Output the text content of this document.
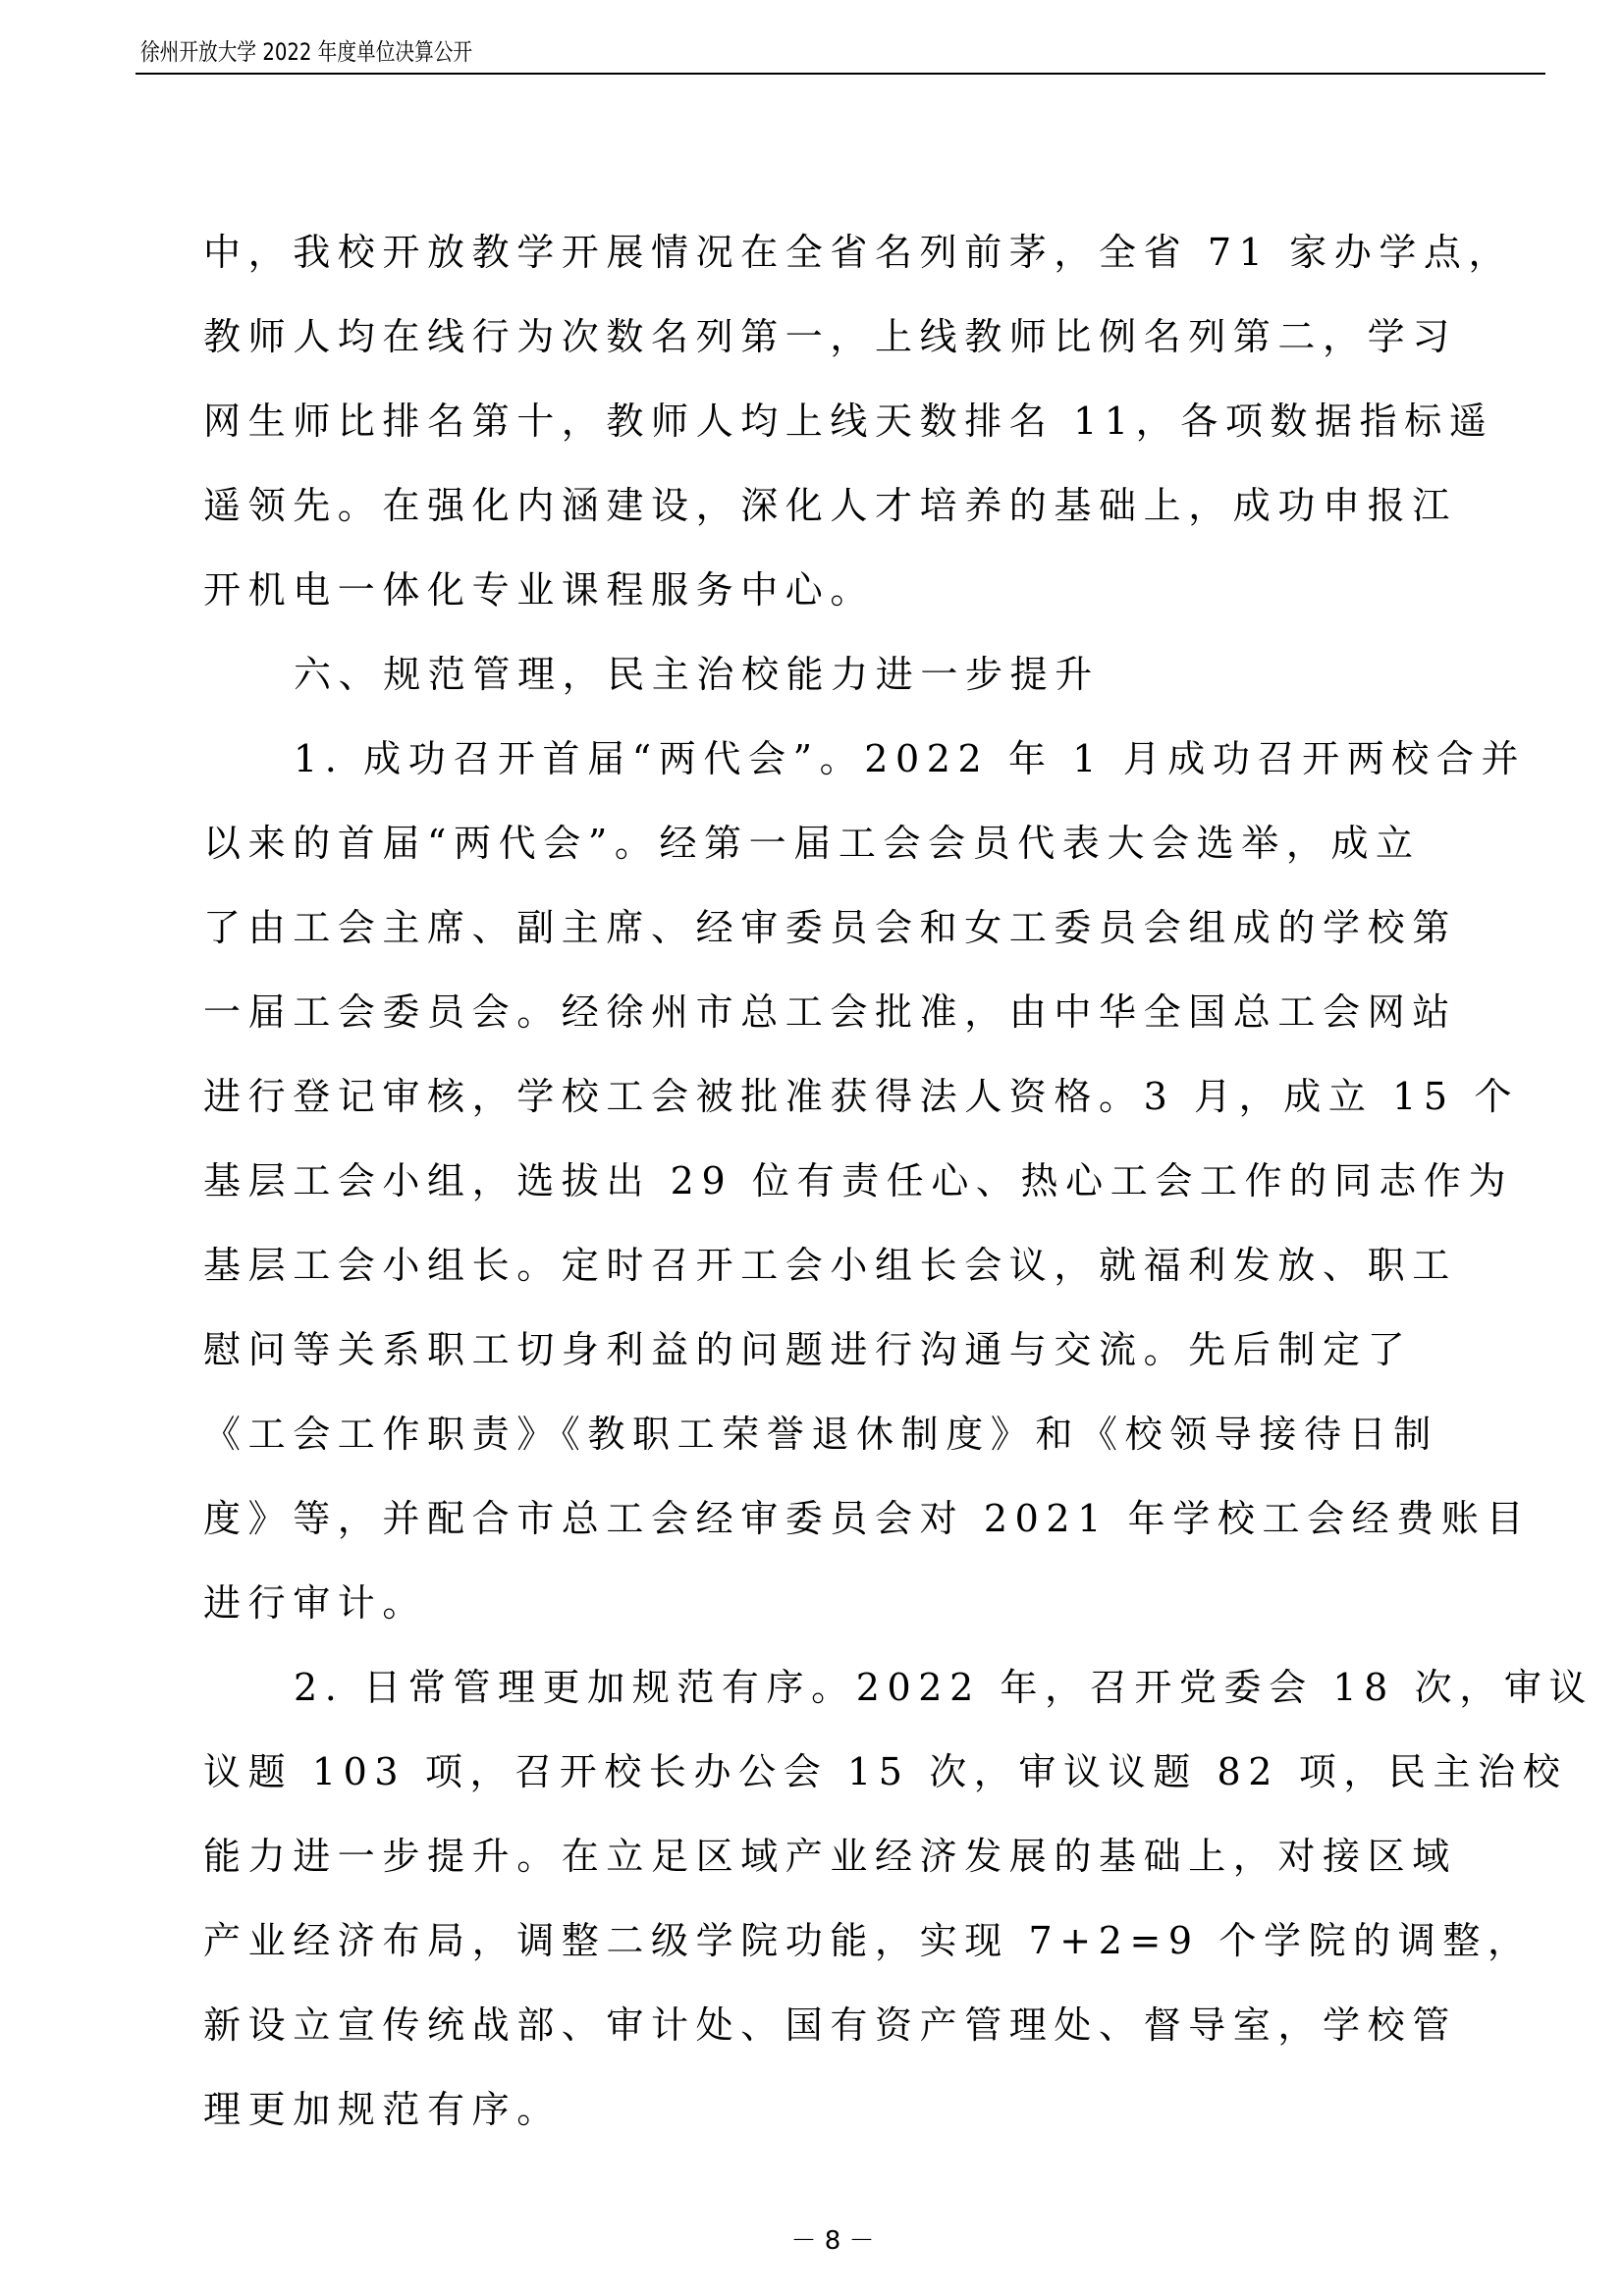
徐州开放大学 2022 年度单位决算公开
中，我校开放教学开展情况在全省名列前茅，全省 71 家办学点，
教师人均在线行为次数名列第一，上线教师比例名列第二，学习
网生师比排名第十，教师人均上线天数排名 11，各项数据指标遥
遥领先。在强化内涵建设，深化人才培养的基础上，成功申报江
开机电一体化专业课程服务中心。
六、规范管理，民主治校能力进一步提升
1. 成功召开首届“两代会”。2022 年 1 月成功召开两校合并
以来的首届“两代会”。经第一届工会会员代表大会选举，成立
了由工会主席、副主席、经审委员会和女工委员会组成的学校第
一届工会委员会。经徐州市总工会批准，由中华全国总工会网站
进行登记审核，学校工会被批准获得法人资格。3 月，成立 15 个
基层工会小组，选拔出 29 位有责任心、热心工会工作的同志作为
基层工会小组长。定时召开工会小组长会议，就福利发放、职工
慰问等关系职工切身利益的问题进行沟通与交流。先后制定了
《工会工作职责》《教职工荣誉退休制度》和《校领导接待日制
度》等，并配合市总工会经审委员会对 2021 年学校工会经费账目
进行审计。
2. 日常管理更加规范有序。2022 年，召开党委会 18 次，审议
议题 103 项，召开校长办公会 15 次，审议议题 82 项，民主治校
能力进一步提升。在立足区域产业经济发展的基础上，对接区域
产业经济布局，调整二级学院功能，实现 7+2=9 个学院的调整，
新设立宣传统战部、审计处、国有资产管理处、督导室，学校管
理更加规范有序。
－ 8 －
